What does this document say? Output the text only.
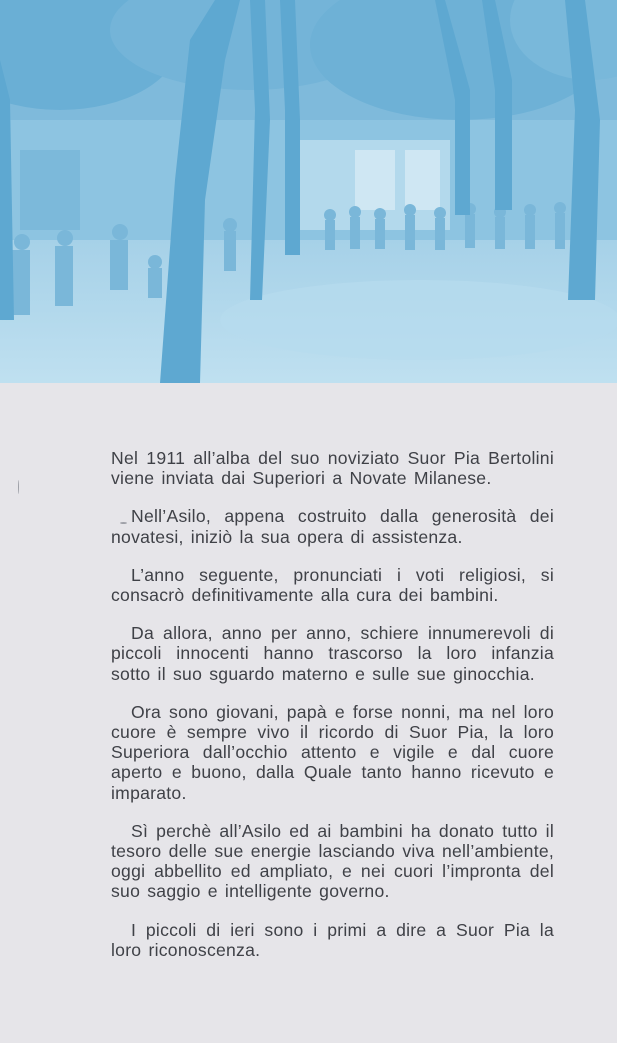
Nel 1911 all’alba del suo noviziato Suor Pia Bertolini viene inviata dai Superiori a Novate Milanese.

Nell’Asilo, appena costruito dalla generosità dei novatesi, iniziò la sua opera di assistenza.

L’anno seguente, pronunciati i voti religiosi, si consacrò definitivamente alla cura dei bambini.

Da allora, anno per anno, schiere innumerevoli di piccoli innocenti hanno trascorso la loro infanzia sotto il suo sguardo materno e sulle sue ginocchia.

Ora sono giovani, papà e forse nonni, ma nel loro cuore è sempre vivo il ricordo di Suor Pia, la loro Superiora dall’occhio attento e vigile e dal cuore aperto e buono, dalla Quale tanto hanno ricevuto e imparato.

Sì perchè all’Asilo ed ai bambini ha donato tutto il tesoro delle sue energie lasciando viva nell’ambiente, oggi abbellito ed ampliato, e nei cuori l’impronta del suo saggio e intelligente governo.

I piccoli di ieri sono i primi a dire a Suor Pia la loro riconoscenza.
